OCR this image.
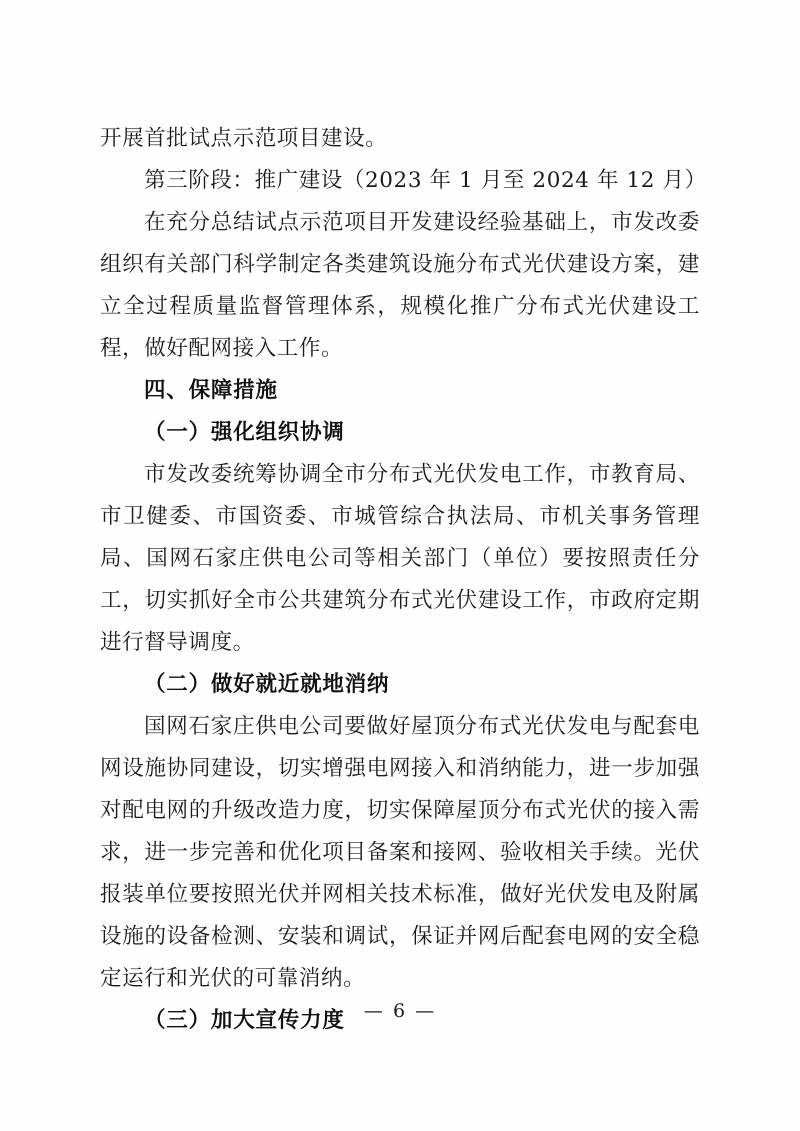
开展首批试点示范项目建设。

第三阶段：推广建设（2023 年 1 月至 2024 年 12 月）

在充分总结试点示范项目开发建设经验基础上，市发改委组织有关部门科学制定各类建筑设施分布式光伏建设方案，建立全过程质量监督管理体系，规模化推广分布式光伏建设工程，做好配网接入工作。

四、保障措施
（一）强化组织协调

市发改委统筹协调全市分布式光伏发电工作，市教育局、市卫健委、市国资委、市城管综合执法局、市机关事务管理局、国网石家庄供电公司等相关部门（单位）要按照责任分工，切实抓好全市公共建筑分布式光伏建设工作，市政府定期进行督导调度。

（二）做好就近就地消纳

国网石家庄供电公司要做好屋顶分布式光伏发电与配套电网设施协同建设，切实增强电网接入和消纳能力，进一步加强对配电网的升级改造力度，切实保障屋顶分布式光伏的接入需求，进一步完善和优化项目备案和接网、验收相关手续。光伏报装单位要按照光伏并网相关技术标准，做好光伏发电及附属设施的设备检测、安装和调试，保证并网后配套电网的安全稳定运行和光伏的可靠消纳。

（三）加大宣传力度	— 6 —
